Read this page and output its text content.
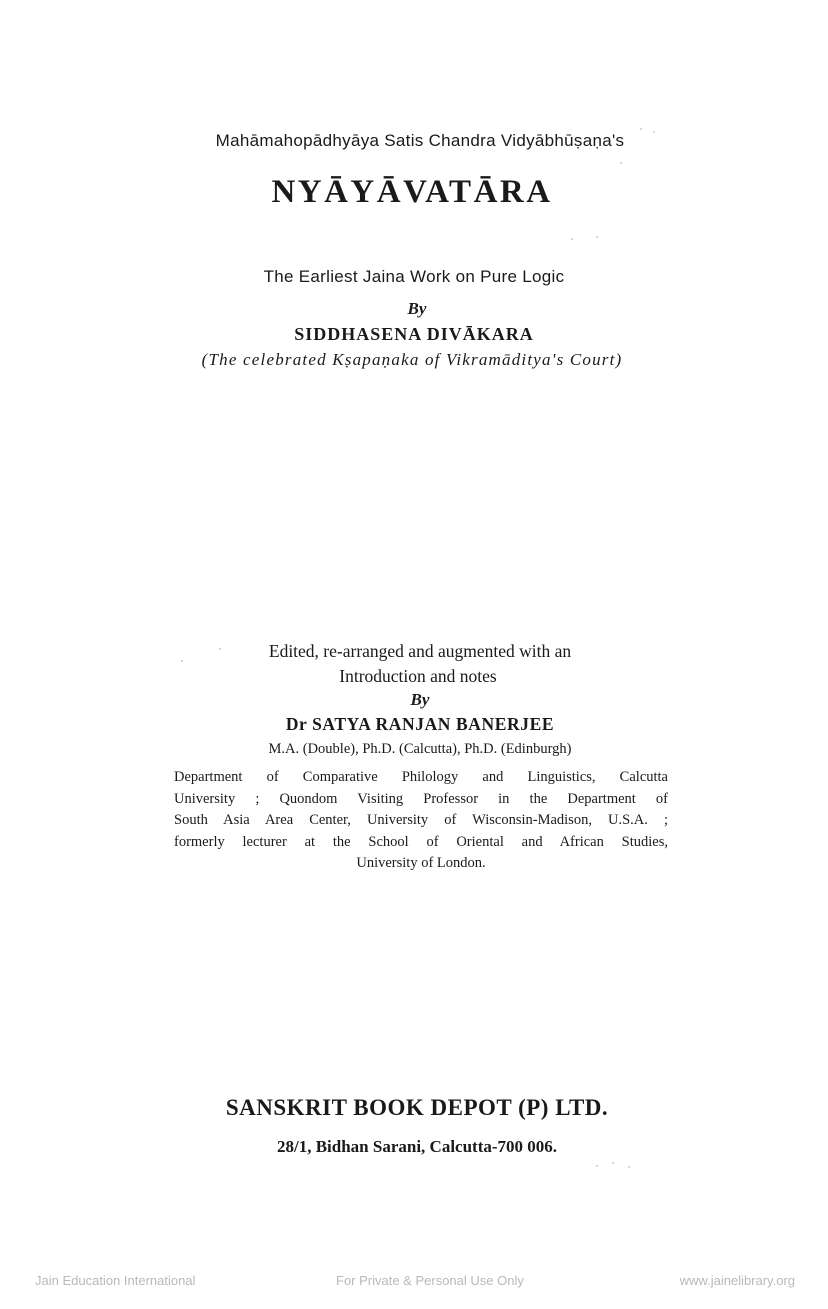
Mahāmahopādhyāya Satis Chandra Vidyābhūṣaṇa's
NYĀYĀVATĀRA
The Earliest Jaina Work on Pure Logic
By
SIDDHASENA DIVĀKARA
(The celebrated Kṣapaṇaka of Vikramāditya's Court)
Edited, re-arranged and augmented with an
Introduction and notes
By
Dr SATYA RANJAN BANERJEE
M.A. (Double), Ph.D. (Calcutta), Ph.D. (Edinburgh)
Department of Comparative Philology and Linguistics, Calcutta
University ; Quondom Visiting Professor in the Department of
South Asia Area Center, University of Wisconsin-Madison, U.S.A. ;
formerly lecturer at the School of Oriental and African Studies,
University of London.
SANSKRIT BOOK DEPOT (P) LTD.
28/1, Bidhan Sarani, Calcutta-700 006.
Jain Education International	For Private & Personal Use Only	www.jainelibrary.org
